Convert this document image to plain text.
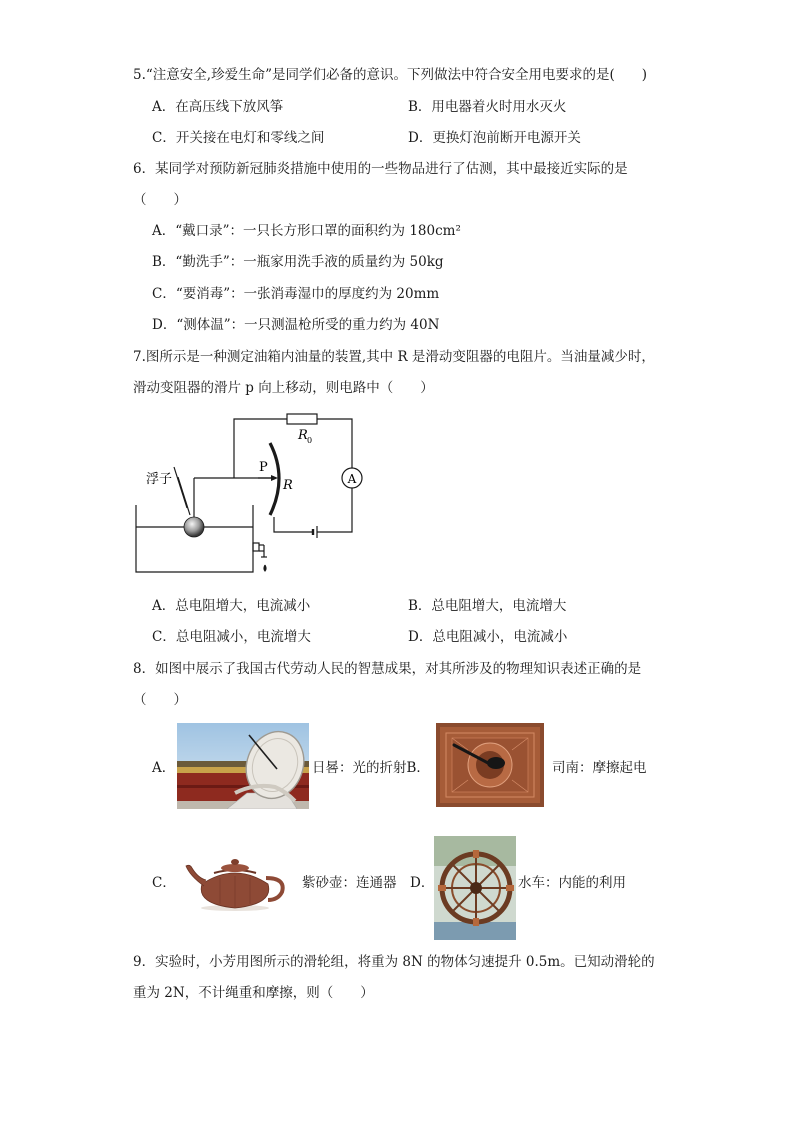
5.“注意安全,珍爱生命”是同学们必备的意识。下列做法中符合安全用电要求的是(　　)
A．在高压线下放风筝	B．用电器着火时用水灭火
C．开关接在电灯和零线之间	D．更换灯泡前断开电源开关
6．某同学对预防新冠肺炎措施中使用的一些物品进行了估测，其中最接近实际的是
（　　）
A．“戴口录”：一只长方形口罩的面积约为 180cm²
B．“勤洗手”：一瓶家用洗手液的质量约为 50kg
C．“要消毒”：一张消毒湿巾的厚度约为 20mm
D．“测体温”：一只测温枪所受的重力约为 40N
7.图所示是一种测定油箱内油量的装置,其中 R 是滑动变阻器的电阻片。当油量减少时，
滑动变阻器的滑片 p 向上移动，则电路中（　　）
浮子
P
R
R 0
A
A．总电阻增大，电流减小	B．总电阻增大，电流增大
C．总电阻减小，电流增大	D．总电阻减小，电流减小
8．如图中展示了我国古代劳动人民的智慧成果，对其所涉及的物理知识表述正确的是
（　　）
A．	日晷：光的折射B．	司南：摩擦起电
C．	紫砂壶：连通器 D．	水车：内能的利用
9．实验时，小芳用图所示的滑轮组，将重为 8N 的物体匀速提升 0.5m。已知动滑轮的
重为 2N，不计绳重和摩擦，则（　　）
